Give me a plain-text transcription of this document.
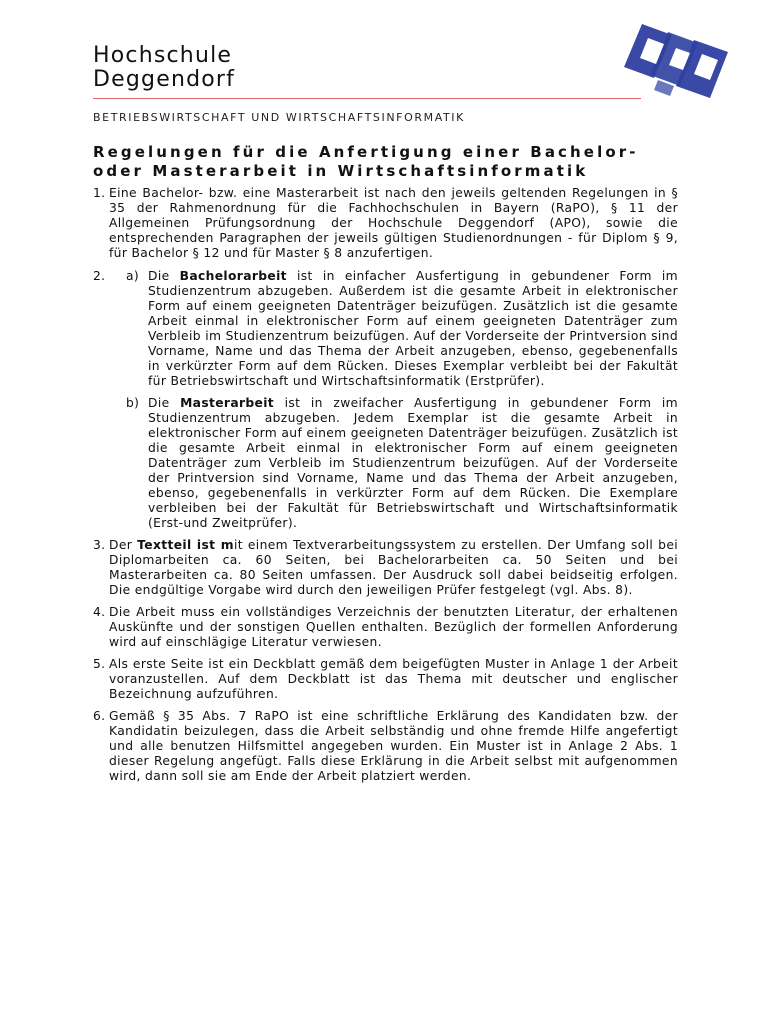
Hochschule
Deggendorf
BETRIEBSWIRTSCHAFT UND WIRTSCHAFTSINFORMATIK
Regelungen für die Anfertigung einer Bachelor-
oder Masterarbeit in Wirtschaftsinformatik
1. Eine Bachelor- bzw. eine Masterarbeit ist nach den jeweils geltenden Regelungen in § 35 der Rahmenordnung für die Fachhochschulen in Bayern (RaPO), § 11 der Allgemeinen Prüfungsordnung der Hochschule Deggendorf (APO), sowie die entsprechenden Paragraphen der jeweils gültigen Studienordnungen - für Diplom § 9, für Bachelor § 12 und für Master § 8 anzufertigen.
2. a) Die Bachelorarbeit ist in einfacher Ausfertigung in gebundener Form im Studienzentrum abzugeben. Außerdem ist die gesamte Arbeit in elektronischer Form auf einem geeigneten Datenträger beizufügen. Zusätzlich ist die gesamte Arbeit einmal in elektronischer Form auf einem geeigneten Datenträger zum Verbleib im Studienzentrum beizufügen. Auf der Vorderseite der Printversion sind Vorname, Name und das Thema der Arbeit anzugeben, ebenso, gegebenenfalls in verkürzter Form auf dem Rücken. Dieses Exemplar verbleibt bei der Fakultät für Betriebswirtschaft und Wirtschaftsinformatik (Erstprüfer).
b) Die Masterarbeit ist in zweifacher Ausfertigung in gebundener Form im Studienzentrum abzugeben. Jedem Exemplar ist die gesamte Arbeit in elektronischer Form auf einem geeigneten Datenträger beizufügen. Zusätzlich ist die gesamte Arbeit einmal in elektronischer Form auf einem geeigneten Datenträger zum Verbleib im Studienzentrum beizufügen. Auf der Vorderseite der Printversion sind Vorname, Name und das Thema der Arbeit anzugeben, ebenso, gegebenenfalls in verkürzter Form auf dem Rücken. Die Exemplare verbleiben bei der Fakultät für Betriebswirtschaft und Wirtschaftsinformatik (Erst-und Zweitprüfer).
3. Der Textteil ist mit einem Textverarbeitungssystem zu erstellen. Der Umfang soll bei Diplomarbeiten ca. 60 Seiten, bei Bachelorarbeiten ca. 50 Seiten und bei Masterarbeiten ca. 80 Seiten umfassen. Der Ausdruck soll dabei beidseitig erfolgen. Die endgültige Vorgabe wird durch den jeweiligen Prüfer festgelegt (vgl. Abs. 8).
4. Die Arbeit muss ein vollständiges Verzeichnis der benutzten Literatur, der erhaltenen Auskünfte und der sonstigen Quellen enthalten. Bezüglich der formellen Anforderung wird auf einschlägige Literatur verwiesen.
5. Als erste Seite ist ein Deckblatt gemäß dem beigefügten Muster in Anlage 1 der Arbeit voranzustellen. Auf dem Deckblatt ist das Thema mit deutscher und englischer Bezeichnung aufzuführen.
6. Gemäß § 35 Abs. 7 RaPO ist eine schriftliche Erklärung des Kandidaten bzw. der Kandidatin beizulegen, dass die Arbeit selbständig und ohne fremde Hilfe angefertigt und alle benutzen Hilfsmittel angegeben wurden. Ein Muster ist in Anlage 2 Abs. 1 dieser Regelung angefügt. Falls diese Erklärung in die Arbeit selbst mit aufgenommen wird, dann soll sie am Ende der Arbeit platziert werden.
